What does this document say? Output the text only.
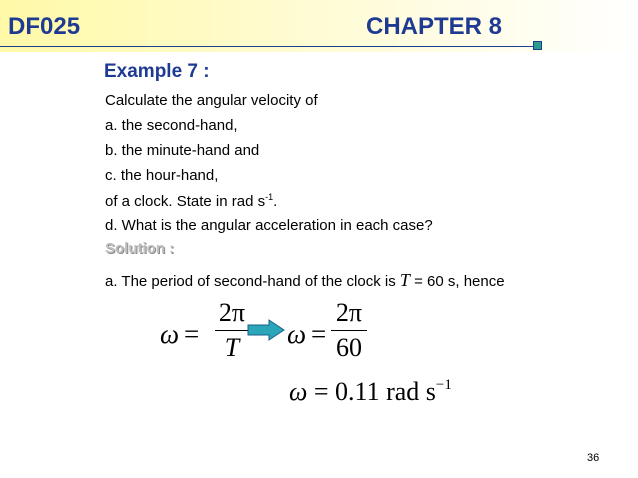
DF025	CHAPTER 8

Example 7 :

Calculate the angular velocity of

a. the second-hand,

b. the minute-hand and

c. the hour-hand,

of a clock. State in rad $s^{-1}$.

d. What is the angular acceleration in each case?

Solution :

a. The period of second-hand of the clock is T = 60 s, hence

ω =
2π
T	ω =
2π
60
ω = 0.11 rad $s^{-1}$

36
